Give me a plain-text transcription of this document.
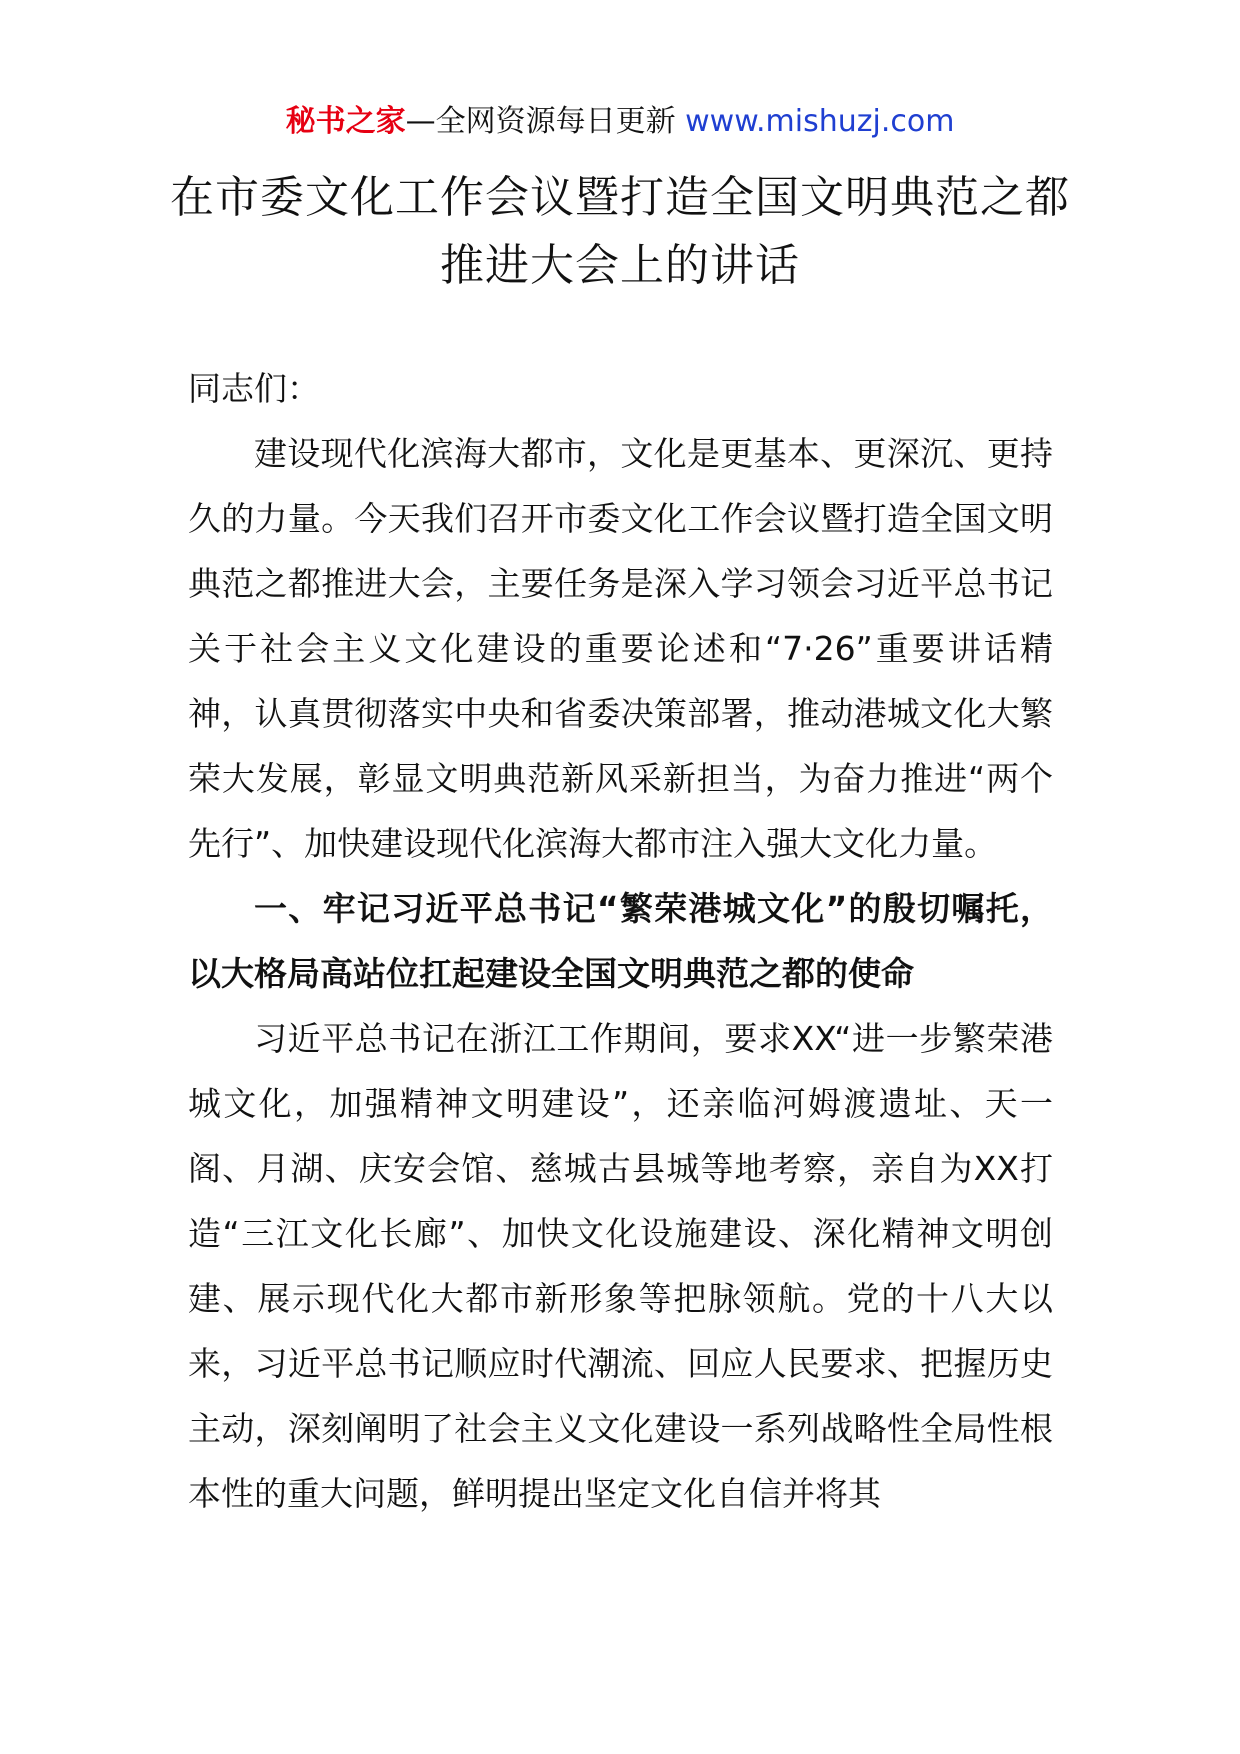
秘书之家—全网资源每日更新 www.mishuzj.com
在市委文化工作会议暨打造全国文明典范之都推进大会上的讲话

同志们：

建设现代化滨海大都市，文化是更基本、更深沉、更持久的力量。今天我们召开市委文化工作会议暨打造全国文明典范之都推进大会，主要任务是深入学习领会习近平总书记关于社会主义文化建设的重要论述和“7·26”重要讲话精神，认真贯彻落实中央和省委决策部署，推动港城文化大繁荣大发展，彰显文明典范新风采新担当，为奋力推进“两个先行”、加快建设现代化滨海大都市注入强大文化力量。

一、牢记习近平总书记“繁荣港城文化”的殷切嘱托，以大格局高站位扛起建设全国文明典范之都的使命

习近平总书记在浙江工作期间，要求XX“进一步繁荣港城文化，加强精神文明建设”，还亲临河姆渡遗址、天一阁、月湖、庆安会馆、慈城古县城等地考察，亲自为XX打造“三江文化长廊”、加快文化设施建设、深化精神文明创建、展示现代化大都市新形象等把脉领航。党的十八大以来，习近平总书记顺应时代潮流、回应人民要求、把握历史主动，深刻阐明了社会主义文化建设一系列战略性全局性根本性的重大问题，鲜明提出坚定文化自信并将其
